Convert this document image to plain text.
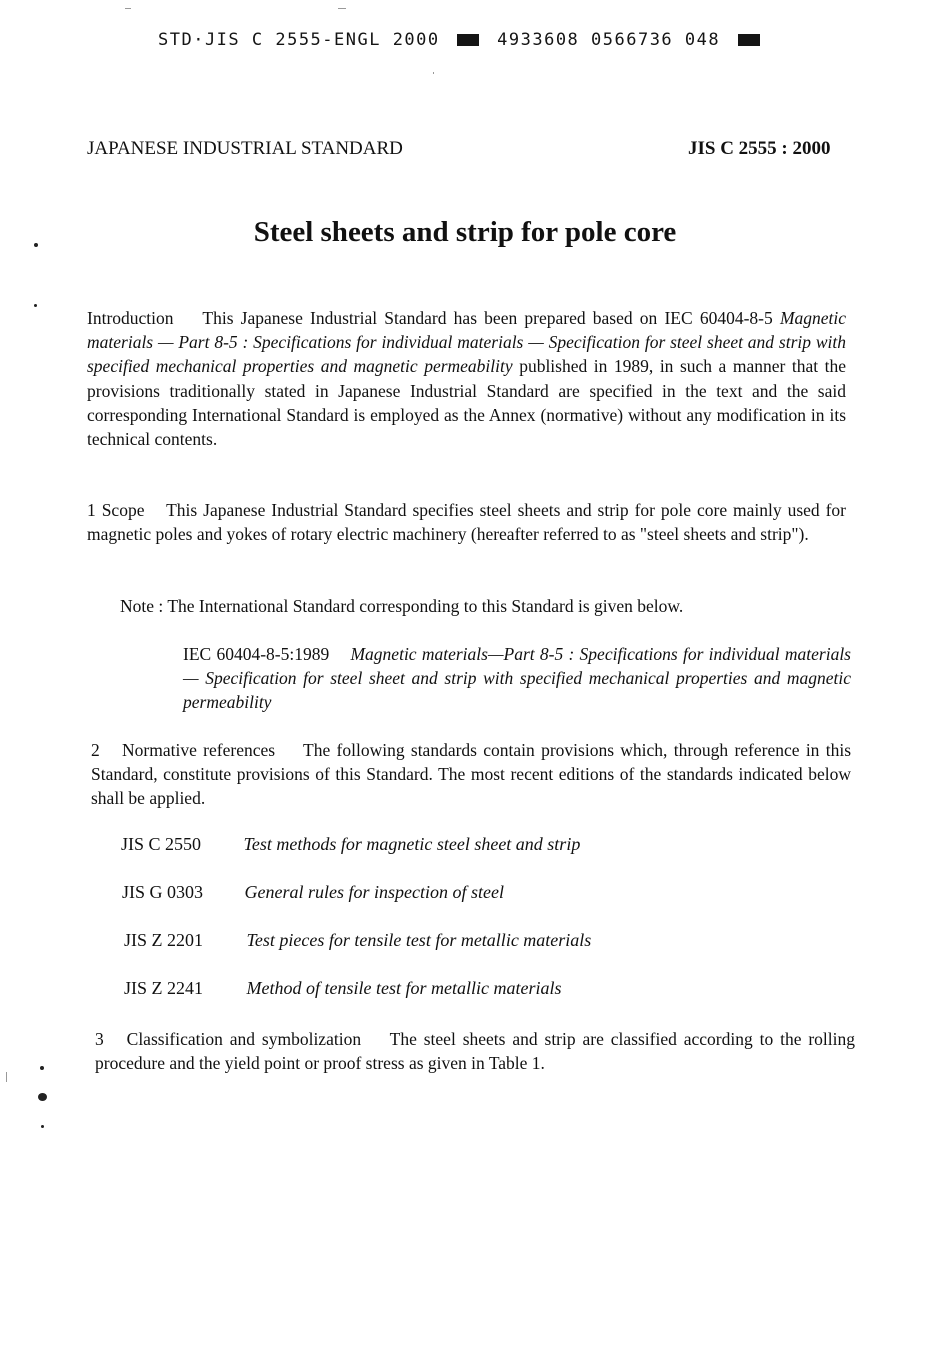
STD·JIS C 2555-ENGL 2000	4933608 0566736 048
JAPANESE INDUSTRIAL STANDARD	JIS C 2555 : 2000
Steel sheets and strip for pole core

Introduction This Japanese Industrial Standard has been prepared based on IEC 60404-8-5 Magnetic materials — Part 8-5 : Specifications for individual materials — Specification for steel sheet and strip with specified mechanical properties and magnetic permeability published in 1989, in such a manner that the provisions traditionally stated in Japanese Industrial Standard are specified in the text and the said corresponding International Standard is employed as the Annex (normative) without any modification in its technical contents.

1 Scope This Japanese Industrial Standard specifies steel sheets and strip for pole core mainly used for magnetic poles and yokes of rotary electric machinery (hereafter referred to as "steel sheets and strip").

Note : The International Standard corresponding to this Standard is given below.

IEC 60404-8-5:1989 Magnetic materials—Part 8-5 : Specifications for individual materials — Specification for steel sheet and strip with specified mechanical properties and magnetic permeability

2 Normative references The following standards contain provisions which, through reference in this Standard, constitute provisions of this Standard. The most recent editions of the standards indicated below shall be applied.

JIS C 2550 Test methods for magnetic steel sheet and strip
JIS G 0303 General rules for inspection of steel
JIS Z 2201 Test pieces for tensile test for metallic materials
JIS Z 2241 Method of tensile test for metallic materials

3 Classification and symbolization The steel sheets and strip are classified according to the rolling procedure and the yield point or proof stress as given in Table 1.
